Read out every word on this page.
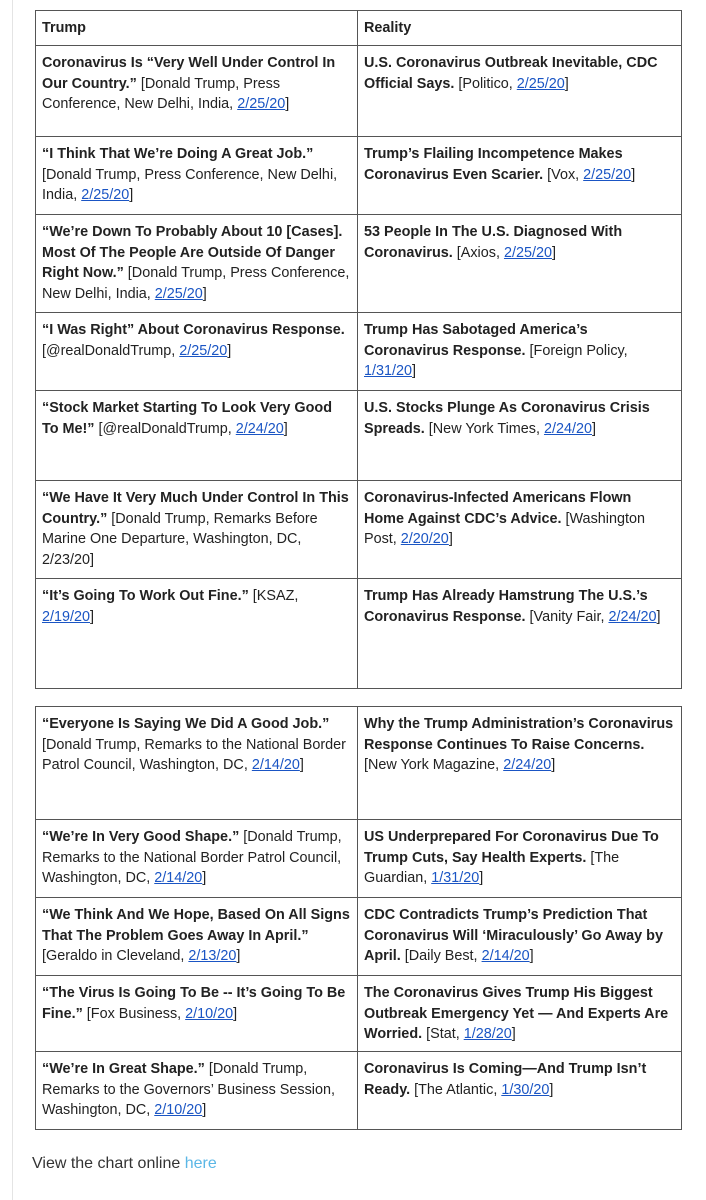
Trump	Reality
Coronavirus Is “Very Well Under Control In Our Country.” [Donald Trump, Press Conference, New Delhi, India, 2/25/20]	U.S. Coronavirus Outbreak Inevitable, CDC Official Says. [Politico, 2/25/20]
“I Think That We’re Doing A Great Job.” [Donald Trump, Press Conference, New Delhi, India, 2/25/20]	Trump’s Flailing Incompetence Makes Coronavirus Even Scarier. [Vox, 2/25/20]
“We’re Down To Probably About 10 [Cases]. Most Of The People Are Outside Of Danger Right Now.” [Donald Trump, Press Conference, New Delhi, India, 2/25/20]	53 People In The U.S. Diagnosed With Coronavirus. [Axios, 2/25/20]
“I Was Right” About Coronavirus Response. [@realDonaldTrump, 2/25/20]	Trump Has Sabotaged America’s Coronavirus Response. [Foreign Policy, 1/31/20]
“Stock Market Starting To Look Very Good To Me!” [@realDonaldTrump, 2/24/20]	U.S. Stocks Plunge As Coronavirus Crisis Spreads. [New York Times, 2/24/20]
“We Have It Very Much Under Control In This Country.” [Donald Trump, Remarks Before Marine One Departure, Washington, DC, 2/23/20]	Coronavirus-Infected Americans Flown Home Against CDC’s Advice. [Washington Post, 2/20/20]
“It’s Going To Work Out Fine.” [KSAZ, 2/19/20]	Trump Has Already Hamstrung The U.S.’s Coronavirus Response. [Vanity Fair, 2/24/20]
“Everyone Is Saying We Did A Good Job.” [Donald Trump, Remarks to the National Border Patrol Council, Washington, DC, 2/14/20]	Why the Trump Administration’s Coronavirus Response Continues To Raise Concerns. [New York Magazine, 2/24/20]
“We’re In Very Good Shape.” [Donald Trump, Remarks to the National Border Patrol Council, Washington, DC, 2/14/20]	US Underprepared For Coronavirus Due To Trump Cuts, Say Health Experts. [The Guardian, 1/31/20]
“We Think And We Hope, Based On All Signs That The Problem Goes Away In April.” [Geraldo in Cleveland, 2/13/20]	CDC Contradicts Trump’s Prediction That Coronavirus Will ‘Miraculously’ Go Away by April. [Daily Best, 2/14/20]
“The Virus Is Going To Be -- It’s Going To Be Fine.” [Fox Business, 2/10/20]	The Coronavirus Gives Trump His Biggest Outbreak Emergency Yet — And Experts Are Worried. [Stat, 1/28/20]
“We’re In Great Shape.” [Donald Trump, Remarks to the Governors’ Business Session, Washington, DC, 2/10/20]	Coronavirus Is Coming—And Trump Isn’t Ready. [The Atlantic, 1/30/20]
View the chart online here
